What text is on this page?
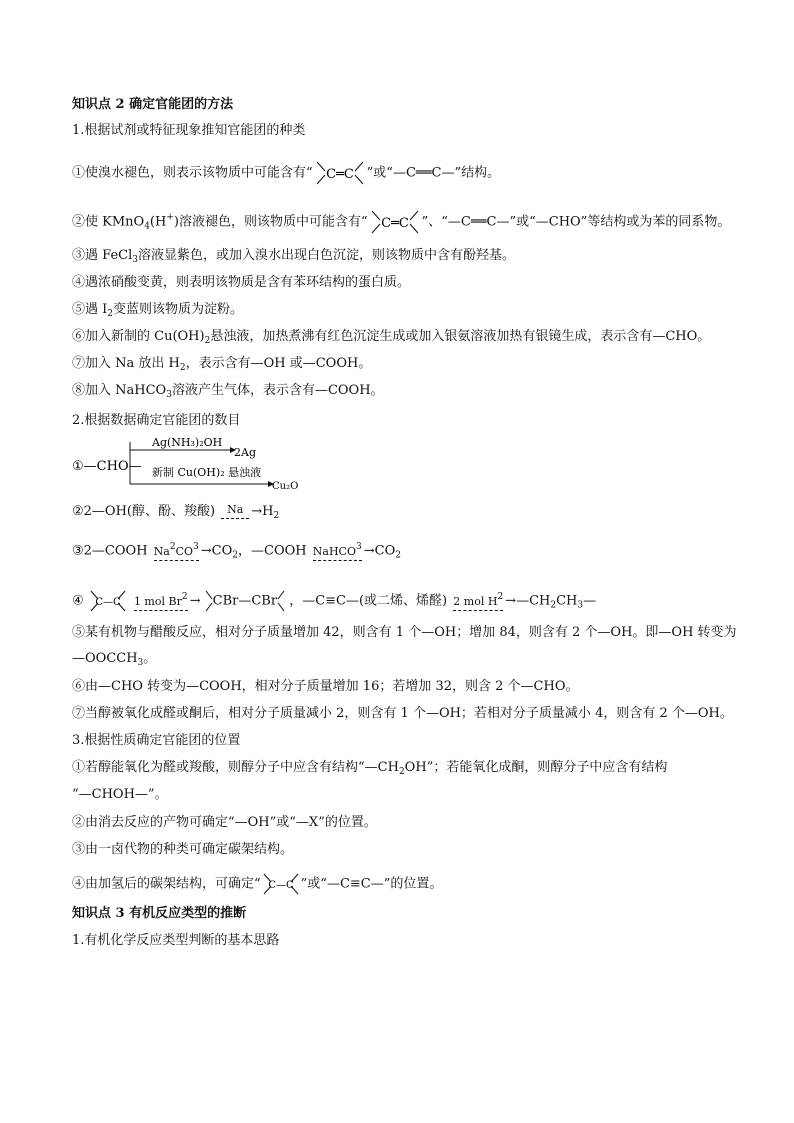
知识点 2 确定官能团的方法
1.根据试剂或特征现象推知官能团的种类
①使溴水褪色，则表示该物质中可能含有“ C═C ”或“—C══C—”结构。
②使 KMnO$_4$(H+)溶液褪色，则该物质中可能含有“ C═C ”、“—C══C—”或“—CHO”等结构或为苯的同系物。
③遇 FeCl$_3$溶液显紫色，或加入溴水出现白色沉淀，则该物质中含有酚羟基。
④遇浓硝酸变黄，则表明该物质是含有苯环结构的蛋白质。
⑤遇 $I_2$变蓝则该物质为淀粉。
⑥加入新制的 $Cu(OH)_2$悬浊液，加热煮沸有红色沉淀生成或加入银氨溶液加热有银镜生成，表示含有—CHO。
⑦加入 Na 放出 $H_2$，表示含有—OH 或—COOH。
⑧加入 NaHCO$_3$溶液产生气体，表示含有—COOH。
2.根据数据确定官能团的数目
①—CHO—
Ag(NH₃)₂OH
2Ag
新制 Cu(OH)₂ 悬浊液
Cu₂O
②2—OH(醇、酚、羧酸) $Na \to H_2$
③2—COOH $Na^2CO^3 \to CO_2$，—COOH NaHCO$^3$ $\to CO_2$
④ C—C
1 mol $Br^2$ → CBr—CBr ，—C≡C—(或二烯、烯醛) 2 mol $H^2$ $\to—CH_2CH_3—$
⑤某有机物与醋酸反应，相对分子质量增加 42，则含有 1 个—OH；增加 84，则含有 2 个—OH。即—OH 转变为
$—OOCCH_3$。
⑥由—CHO 转变为—COOH，相对分子质量增加 16；若增加 32，则含 2 个—CHO。
⑦当醇被氧化成醛或酮后，相对分子质量减小 2，则含有 1 个—OH；若相对分子质量减小 4，则含有 2 个—OH。
3.根据性质确定官能团的位置
①若醇能氧化为醛或羧酸，则醇分子中应含有结构“$—CH_2OH$”；若能氧化成酮，则醇分子中应含有结构
“—CHOH—”。
②由消去反应的产物可确定“—OH”或“—X”的位置。
③由一卤代物的种类可确定碳架结构。
④由加氢后的碳架结构，可确定“ C—C ”或“—C≡C—”的位置。
知识点 3 有机反应类型的推断
1.有机化学反应类型判断的基本思路
